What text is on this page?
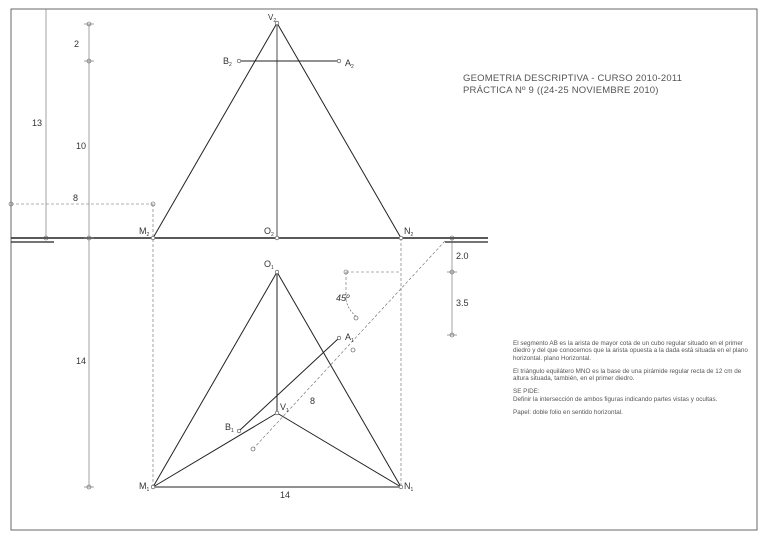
$V_2$
$B_2$	$A_2$
$M_2$	$O_2$	$N_2$
$O_1$
$A_1$
$V_1$
$B_1$
$M_1$	$N_1$
2
13
10
8
14
2.0
3.5
45º
8
14
GEOMETRIA DESCRIPTIVA - CURSO 2010-2011
PRÁCTICA Nº 9 ((24-25 NOVIEMBRE 2010)

El segmento AB es la arista de mayor cota de un cubo regular situado en el primer diedro y del que conocemos que la arista opuesta a la dada está situada en el plano horizontal. plano Horizontal.

El triángulo equilátero MNO es la base de una pirámide regular recta de 12 cm de altura situada, también, en el primer diedro.

SE PIDE:

Definir la intersección de ambos figuras indicando partes vistas y ocultas.

Papel: doble folio en sentido horizontal.
